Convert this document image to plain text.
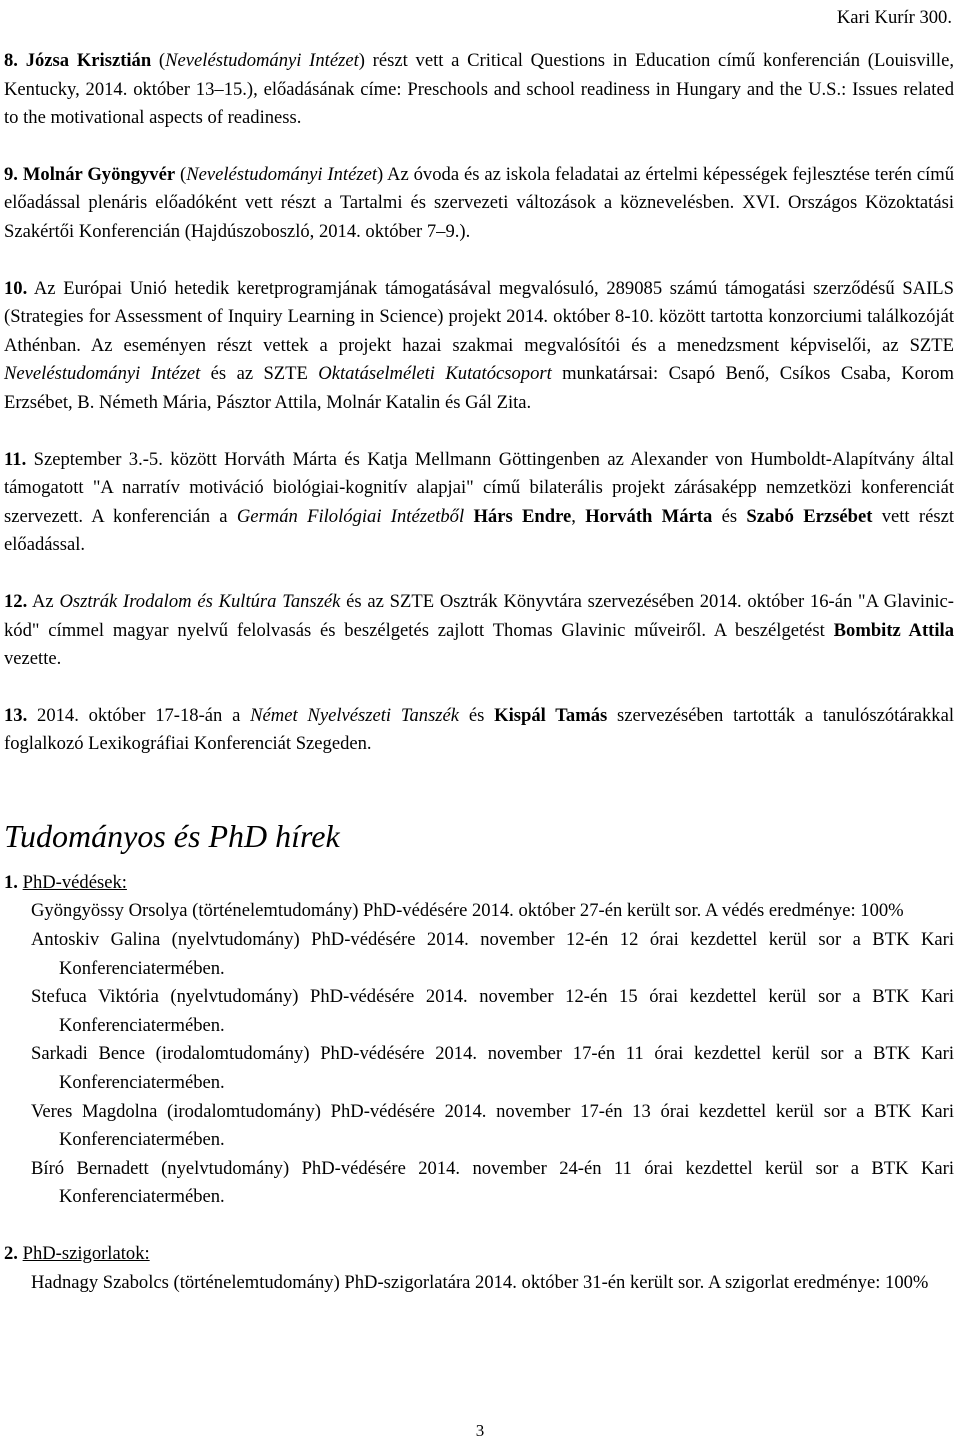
Kari Kurír 300.

8. Józsa Krisztián (Neveléstudományi Intézet) részt vett a Critical Questions in Education című konferencián (Louisville, Kentucky, 2014. október 13–15.), előadásának címe: Preschools and school readiness in Hungary and the U.S.: Issues related to the motivational aspects of readiness.

9. Molnár Gyöngyvér (Neveléstudományi Intézet) Az óvoda és az iskola feladatai az értelmi képességek fejlesztése terén című előadással plenáris előadóként vett részt a Tartalmi és szervezeti változások a köznevelésben. XVI. Országos Közoktatási Szakértői Konferencián (Hajdúszoboszló, 2014. október 7–9.).

10. Az Európai Unió hetedik keretprogramjának támogatásával megvalósuló, 289085 számú támogatási szerződésű SAILS (Strategies for Assessment of Inquiry Learning in Science) projekt 2014. október 8-10. között tartotta konzorciumi találkozóját Athénban. Az eseményen részt vettek a projekt hazai szakmai megvalósítói és a menedzsment képviselői, az SZTE Neveléstudományi Intézet és az SZTE Oktatáselméleti Kutatócsoport munkatársai: Csapó Benő, Csíkos Csaba, Korom Erzsébet, B. Németh Mária, Pásztor Attila, Molnár Katalin és Gál Zita.

11. Szeptember 3.-5. között Horváth Márta és Katja Mellmann Göttingenben az Alexander von Humboldt-Alapítvány által támogatott "A narratív motiváció biológiai-kognitív alapjai" című bilaterális projekt zárásaképp nemzetközi konferenciát szervezett. A konferencián a Germán Filológiai Intézetből Hárs Endre, Horváth Márta és Szabó Erzsébet vett részt előadással.

12. Az Osztrák Irodalom és Kultúra Tanszék és az SZTE Osztrák Könyvtára szervezésében 2014. október 16-án "A Glavinic-kód" címmel magyar nyelvű felolvasás és beszélgetés zajlott Thomas Glavinic műveiről. A beszélgetést Bombitz Attila vezette.

13. 2014. október 17-18-án a Német Nyelvészeti Tanszék és Kispál Tamás szervezésében tartották a tanulószótárakkal foglalkozó Lexikográfiai Konferenciát Szegeden.

Tudományos és PhD hírek

1. PhD-védések:

Gyöngyössy Orsolya (történelemtudomány) PhD-védésére 2014. október 27-én került sor. A védés eredménye: 100%

Antoskiv Galina (nyelvtudomány) PhD-védésére 2014. november 12-én 12 órai kezdettel kerül sor a BTK Kari Konferenciatermében.

Stefuca Viktória (nyelvtudomány) PhD-védésére 2014. november 12-én 15 órai kezdettel kerül sor a BTK Kari Konferenciatermében.

Sarkadi Bence (irodalomtudomány) PhD-védésére 2014. november 17-én 11 órai kezdettel kerül sor a BTK Kari Konferenciatermében.

Veres Magdolna (irodalomtudomány) PhD-védésére 2014. november 17-én 13 órai kezdettel kerül sor a BTK Kari Konferenciatermében.

Bíró Bernadett (nyelvtudomány) PhD-védésére 2014. november 24-én 11 órai kezdettel kerül sor a BTK Kari Konferenciatermében.

2. PhD-szigorlatok:

Hadnagy Szabolcs (történelemtudomány) PhD-szigorlatára 2014. október 31-én került sor. A szigorlat eredménye: 100%

3
